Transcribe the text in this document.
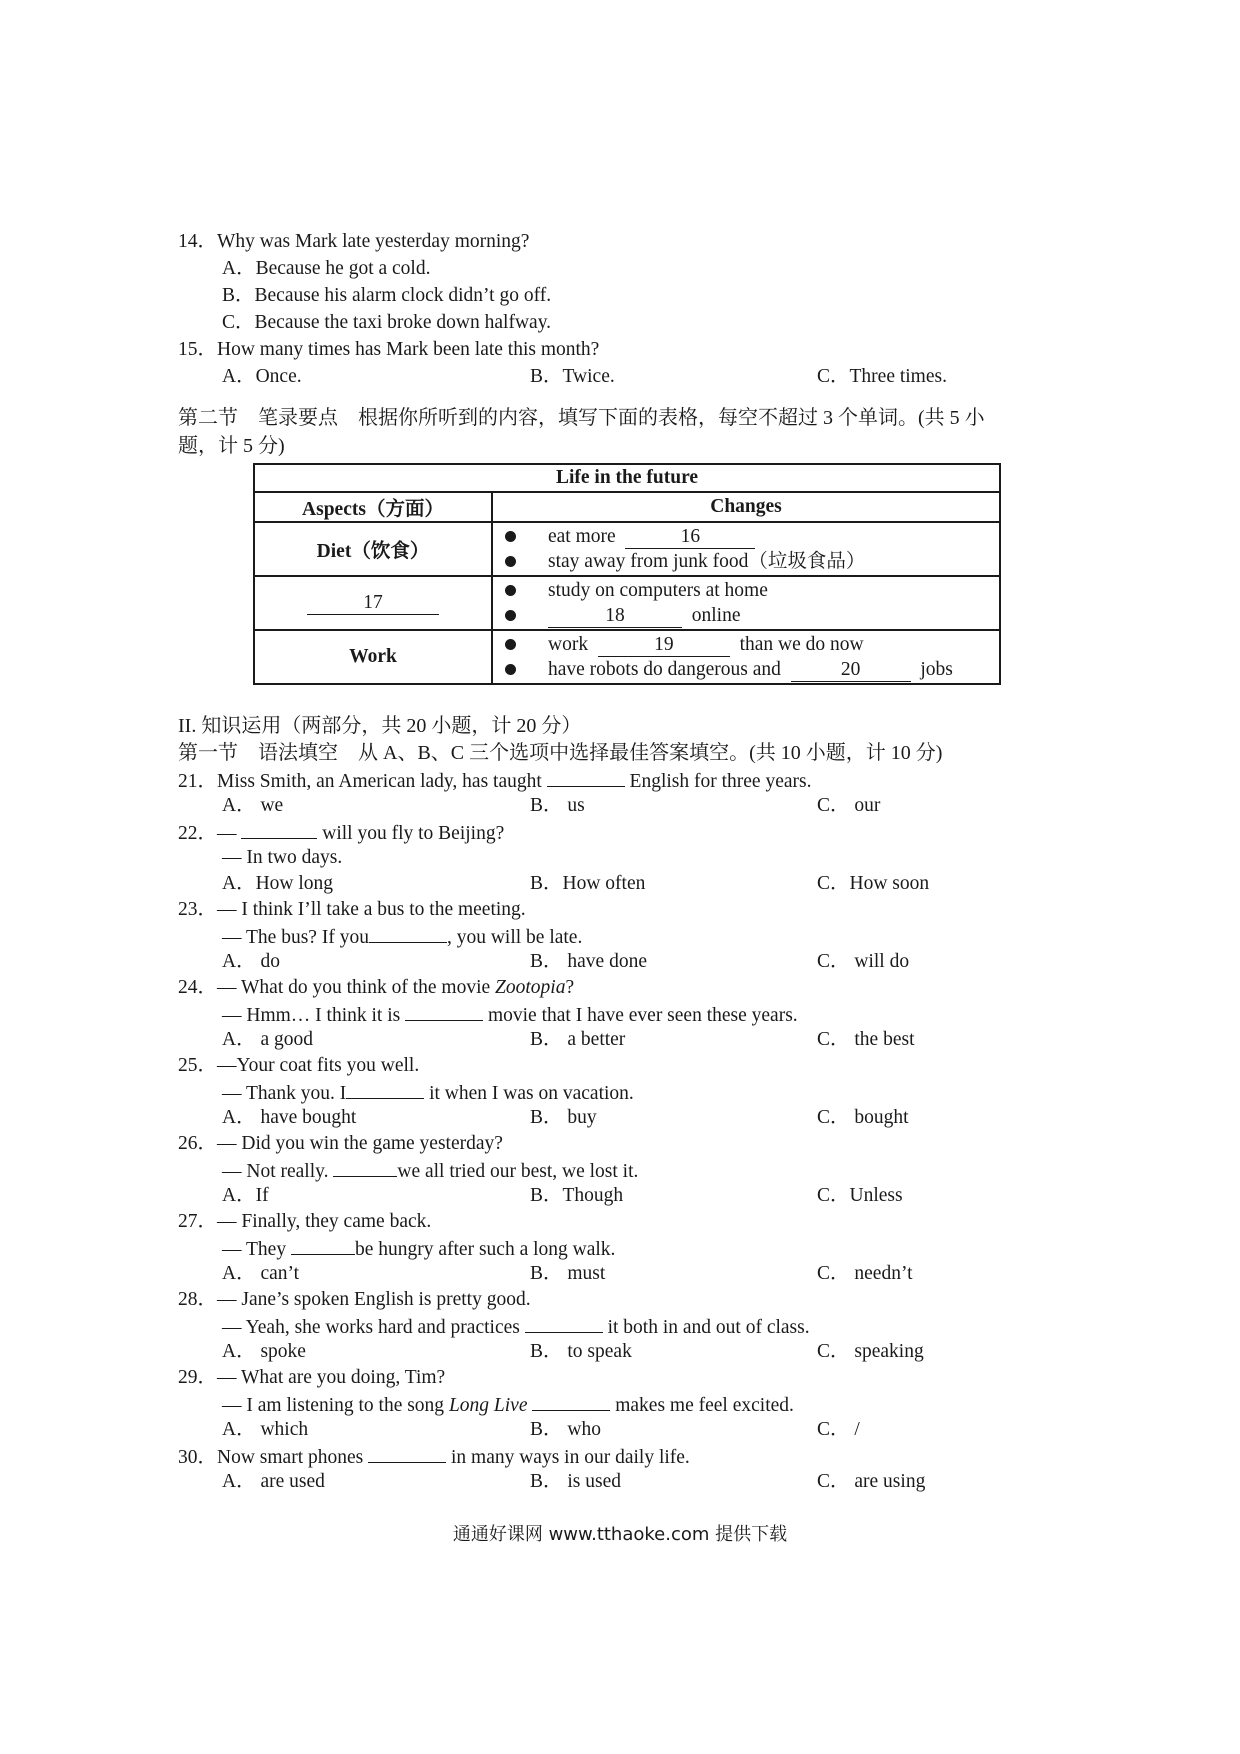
14．Why was Mark late yesterday morning?
A．Because he got a cold.
B．Because his alarm clock didn’t go off.
C．Because the taxi broke down halfway.
15．How many times has Mark been late this month?
A．Once.	B．Twice.	C．Three times.
第二节　笔录要点　根据你所听到的内容，填写下面的表格，每空不超过 3 个单词。(共 5 小
题，计 5 分)
Life in the future	
Aspects（方面）	Changes
Diet（饮食）	eat more 16
stay away from junk food（垃圾食品）

17	study on computers at home
18 online

Work	work 19 than we do now
have robots do dangerous and 20 jobs
II. 知识运用（两部分，共 20 小题，计 20 分）
第一节　语法填空　从 A、B、C 三个选项中选择最佳答案填空。(共 10 小题，计 10 分)
21．Miss Smith, an American lady, has taught	English for three years.
A． we	B． us	C． our
22．—	will you fly to Beijing?
— In two days.
A．How long	B．How often	C．How soon
23．— I think I’ll take a bus to the meeting.
— The bus? If you	, you will be late.
A． do	B． have done	C． will do
24．— What do you think of the movie Zootopia?
— Hmm… I think it is	movie that I have ever seen these years.
A． a good	B． a better	C． the best
25．—Your coat fits you well.
— Thank you. I	it when I was on vacation.
A． have bought	B． buy	C． bought
26．— Did you win the game yesterday?
— Not really.	we all tried our best, we lost it.
A．If	B．Though	C．Unless
27．— Finally, they came back.
— They	be hungry after such a long walk.
A． can’t	B． must	C． needn’t
28．— Jane’s spoken English is pretty good.
— Yeah, she works hard and practices	it both in and out of class.
A． spoke	B． to speak	C． speaking
29．— What are you doing, Tim?
— I am listening to the song Long Live	makes me feel excited.
A． which	B． who	C． /
30．Now smart phones	in many ways in our daily life.
A． are used	B． is used	C． are using
通通好课网 www.tthaoke.com 提供下载
